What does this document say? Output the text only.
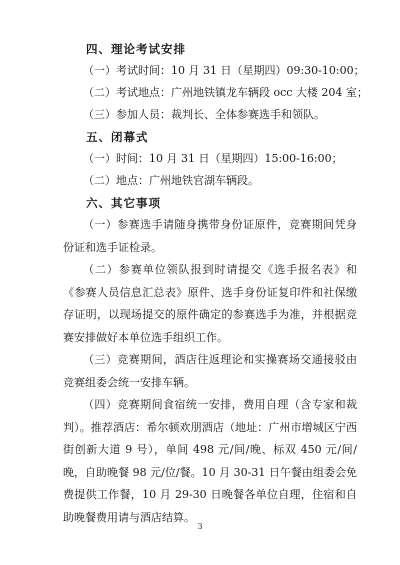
四、理论考试安排
（一）考试时间：10 月 31 日（星期四）09:30-10:00；
（二）考试地点：广州地铁镇龙车辆段 occ 大楼 204 室；
（三）参加人员：裁判长、全体参赛选手和领队。
五、闭幕式
（一）时间：10 月 31 日（星期四）15:00-16:00；
（二）地点：广州地铁官湖车辆段。
六、其它事项
（一）参赛选手请随身携带身份证原件，竞赛期间凭身份证和选手证检录。
（二）参赛单位领队报到时请提交《选手报名表》和《参赛人员信息汇总表》原件、选手身份证复印件和社保缴存证明，以现场提交的原件确定的参赛选手为准，并根据竞赛安排做好本单位选手组织工作。
（三）竞赛期间，酒店往返理论和实操赛场交通接驳由竞赛组委会统一安排车辆。
（四）竞赛期间食宿统一安排，费用自理（含专家和裁判）。推荐酒店：希尔顿欢朋酒店（地址：广州市增城区宁西街创新大道 9 号），单间 498 元/间/晚、标双 450 元/间/晚，自助晚餐 98 元/位/餐。10 月 30-31 日午餐由组委会免费提供工作餐，10 月 29-30 日晚餐各单位自理，住宿和自助晚餐费用请与酒店结算。
3
